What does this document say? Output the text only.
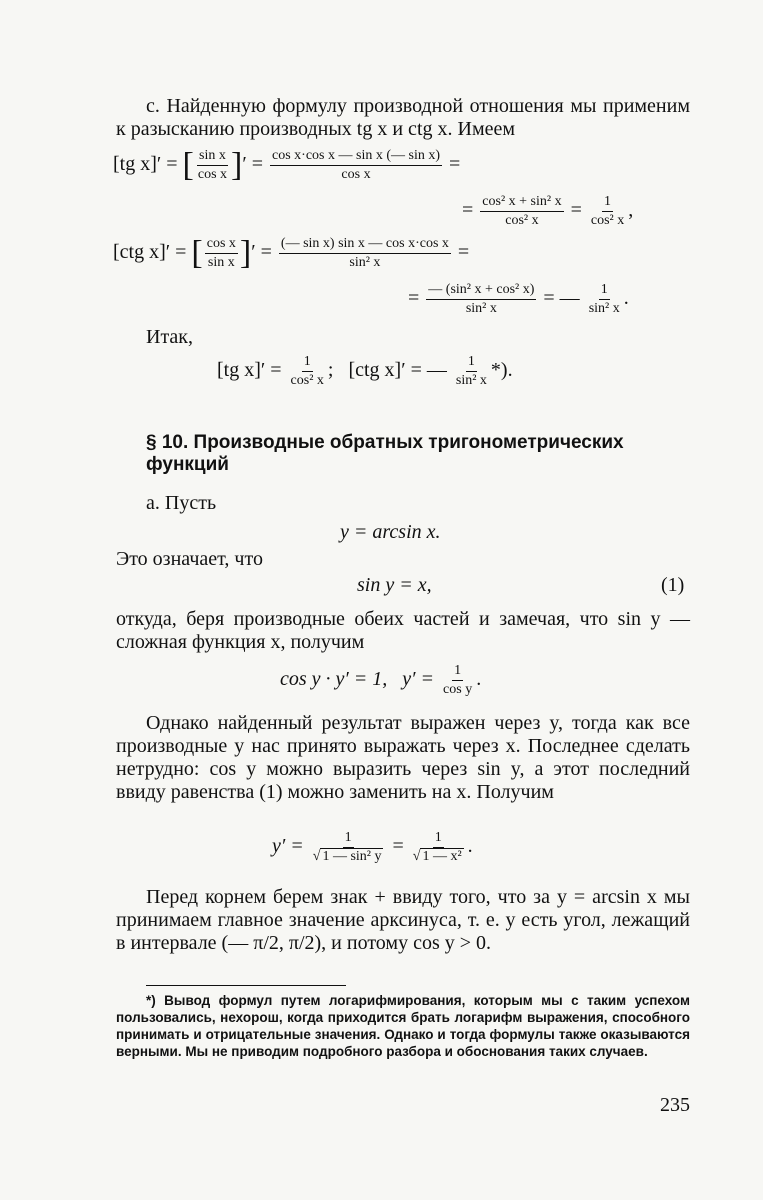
с. Найденную формулу производной отношения мы применим к разысканию производных tg x и ctg x. Имеем
[tg x]′ = [ $\frac{\text{sin x}}{\text{cos x}}$ ]′ = $\frac{\text{cos x·cos x — sin x (— sin x)}}{\text{cos x}}$ =
= $\frac{\text{cos² x + sin² x}}{\text{cos² x}} = \frac{1}{\text{cos² x}}$ ,
[ctg x]′ = [ $\frac{\text{cos x}}{\text{sin x}}$ ]′ = $\frac{\text{(— sin x) sin x — cos x·cos x}}{\text{sin² x}}$ =
= $\frac{\text{— (sin² x + cos² x)}}{\text{sin² x}}$ = — $\frac{1}{\text{sin² x}}$ .
Итак,
[tg $x]' = \frac{1}{\text{cos² x}}$ ; [ctg x]′ = — $\frac{1}{\text{sin² x}}$ *).
§ 10. Производные обратных тригонометрических функций
а. Пусть
y = arcsin x.
Это означает, что
sin y = x,	(1)
откуда, беря производные обеих частей и замечая, что sin y — сложная функция x, получим
cos y · y′ = 1, $y' = \frac{1}{\text{cos y}}$ .
Однако найденный результат выражен через y, тогда как все производные у нас принято выражать через x. Последнее сделать нетрудно: cos y можно выразить через sin y, а этот последний ввиду равенства (1) можно заменить на x. Получим
$y' = \frac{1}{\text{√ 1 — sin² y}} = \frac{1}{\text{√ 1 — x²}}$ .
Перед корнем берем знак + ввиду того, что за y = arcsin x мы принимаем главное значение арксинуса, т. е. y есть угол, лежащий в интервале (— π/2, π/2), и потому cos y > 0.
*) Вывод формул путем логарифмирования, которым мы с таким успехом пользовались, нехорош, когда приходится брать логарифм выражения, способного принимать и отрицательные значения. Однако и тогда формулы также оказываются верными. Мы не приводим подробного разбора и обоснования таких случаев.
235
